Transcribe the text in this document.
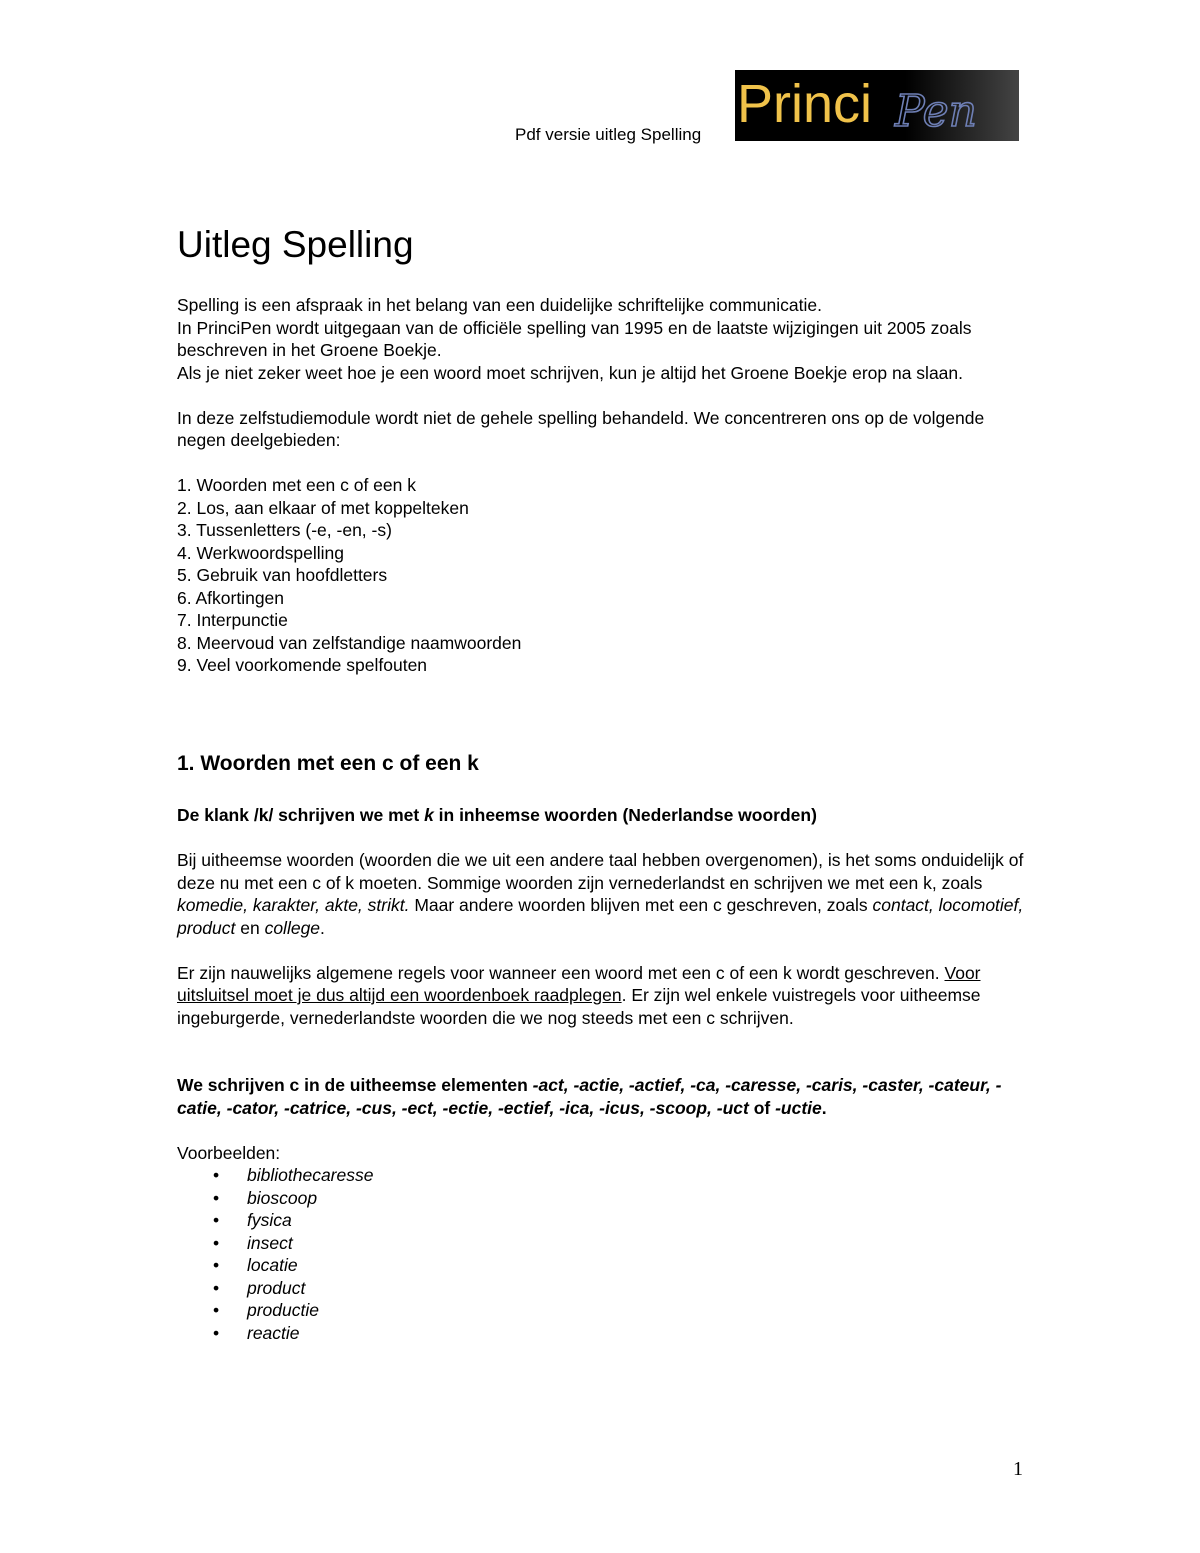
Pdf versie uitleg Spelling
Princi Pen
Uitleg Spelling

Spelling is een afspraak in het belang van een duidelijke schriftelijke communicatie.

In PrinciPen wordt uitgegaan van de officiële spelling van 1995 en de laatste wijzigingen uit 2005 zoals beschreven in het Groene Boekje.

Als je niet zeker weet hoe je een woord moet schrijven, kun je altijd het Groene Boekje erop na slaan.

In deze zelfstudiemodule wordt niet de gehele spelling behandeld. We concentreren ons op de volgende negen deelgebieden:

1. Woorden met een c of een k
2. Los, aan elkaar of met koppelteken
3. Tussenletters (-e, -en, -s)
4. Werkwoordspelling
5. Gebruik van hoofdletters
6. Afkortingen
7. Interpunctie
8. Meervoud van zelfstandige naamwoorden
9. Veel voorkomende spelfouten
1. Woorden met een c of een k

De klank /k/ schrijven we met k in inheemse woorden (Nederlandse woorden)

Bij uitheemse woorden (woorden die we uit een andere taal hebben overgenomen), is het soms onduidelijk of deze nu met een c of k moeten. Sommige woorden zijn vernederlandst en schrijven we met een k, zoals komedie, karakter, akte, strikt. Maar andere woorden blijven met een c geschreven, zoals contact, locomotief, product en college.

Er zijn nauwelijks algemene regels voor wanneer een woord met een c of een k wordt geschreven. Voor uitsluitsel moet je dus altijd een woordenboek raadplegen. Er zijn wel enkele vuistregels voor uitheemse ingeburgerde, vernederlandste woorden die we nog steeds met een c schrijven.

We schrijven c in de uitheemse elementen -act, -actie, -actief, -ca, -caresse, -caris, -caster, -cateur, -catie, -cator, -catrice, -cus, -ect, -ectie, -ectief, -ica, -icus, -scoop, -uct of -uctie.

Voorbeelden:

• bibliothecaresse
• bioscoop
• fysica
• insect
• locatie
• product
• productie
• reactie
1
